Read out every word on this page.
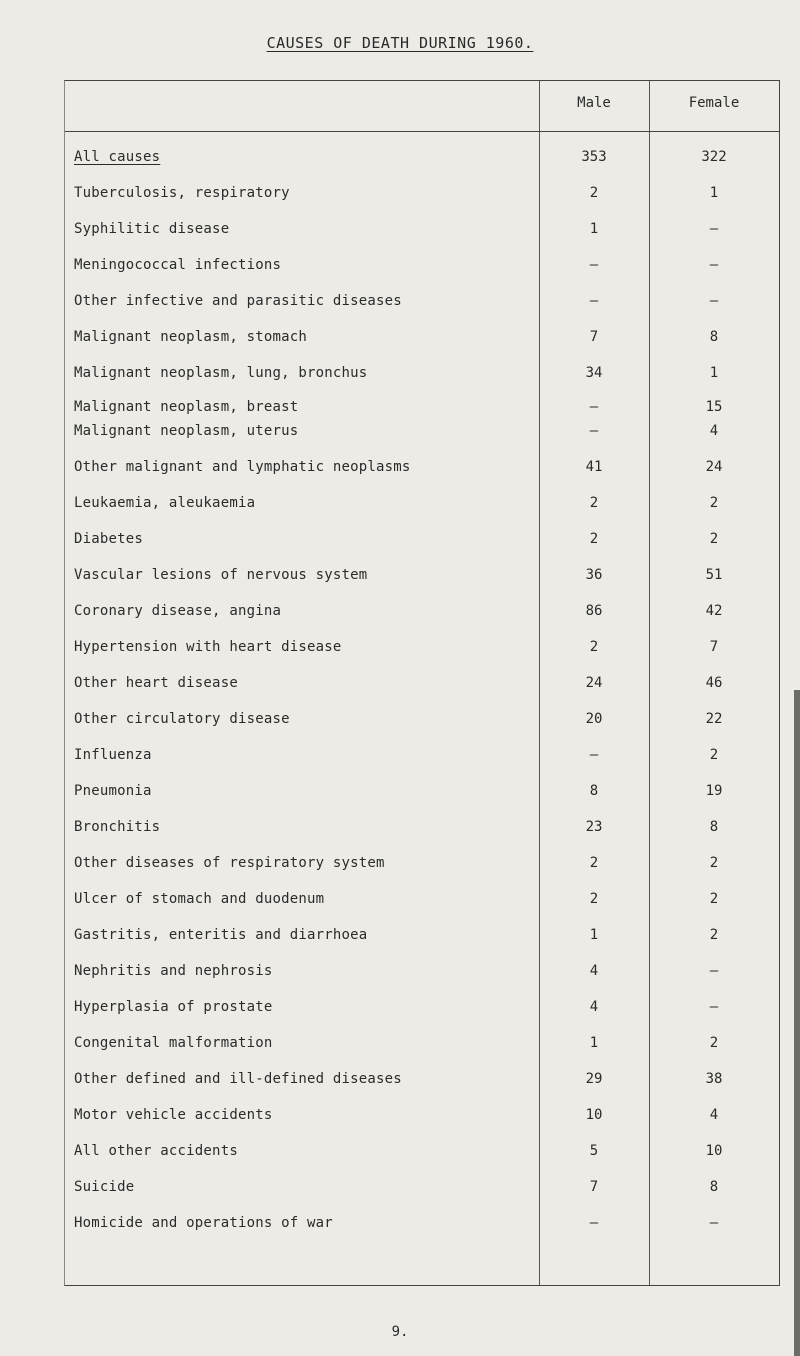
CAUSES OF DEATH DURING 1960.
Male	Female
All causes	353	322
Tuberculosis, respiratory	2	1
Syphilitic disease	1	–
Meningococcal infections	–	–
Other infective and parasitic diseases	–	–
Malignant neoplasm, stomach	7	8
Malignant neoplasm, lung, bronchus	34	1
Malignant neoplasm, breast	–	15
Malignant neoplasm, uterus	–	4
Other malignant and lymphatic neoplasms	41	24
Leukaemia, aleukaemia	2	2
Diabetes	2	2
Vascular lesions of nervous system	36	51
Coronary disease, angina	86	42
Hypertension with heart disease	2	7
Other heart disease	24	46
Other circulatory disease	20	22
Influenza	–	2
Pneumonia	8	19
Bronchitis	23	8
Other diseases of respiratory system	2	2
Ulcer of stomach and duodenum	2	2
Gastritis, enteritis and diarrhoea	1	2
Nephritis and nephrosis	4	–
Hyperplasia of prostate	4	–
Congenital malformation	1	2
Other defined and ill-defined diseases	29	38
Motor vehicle accidents	10	4
All other accidents	5	10
Suicide	7	8
Homicide and operations of war	–	–
9.
